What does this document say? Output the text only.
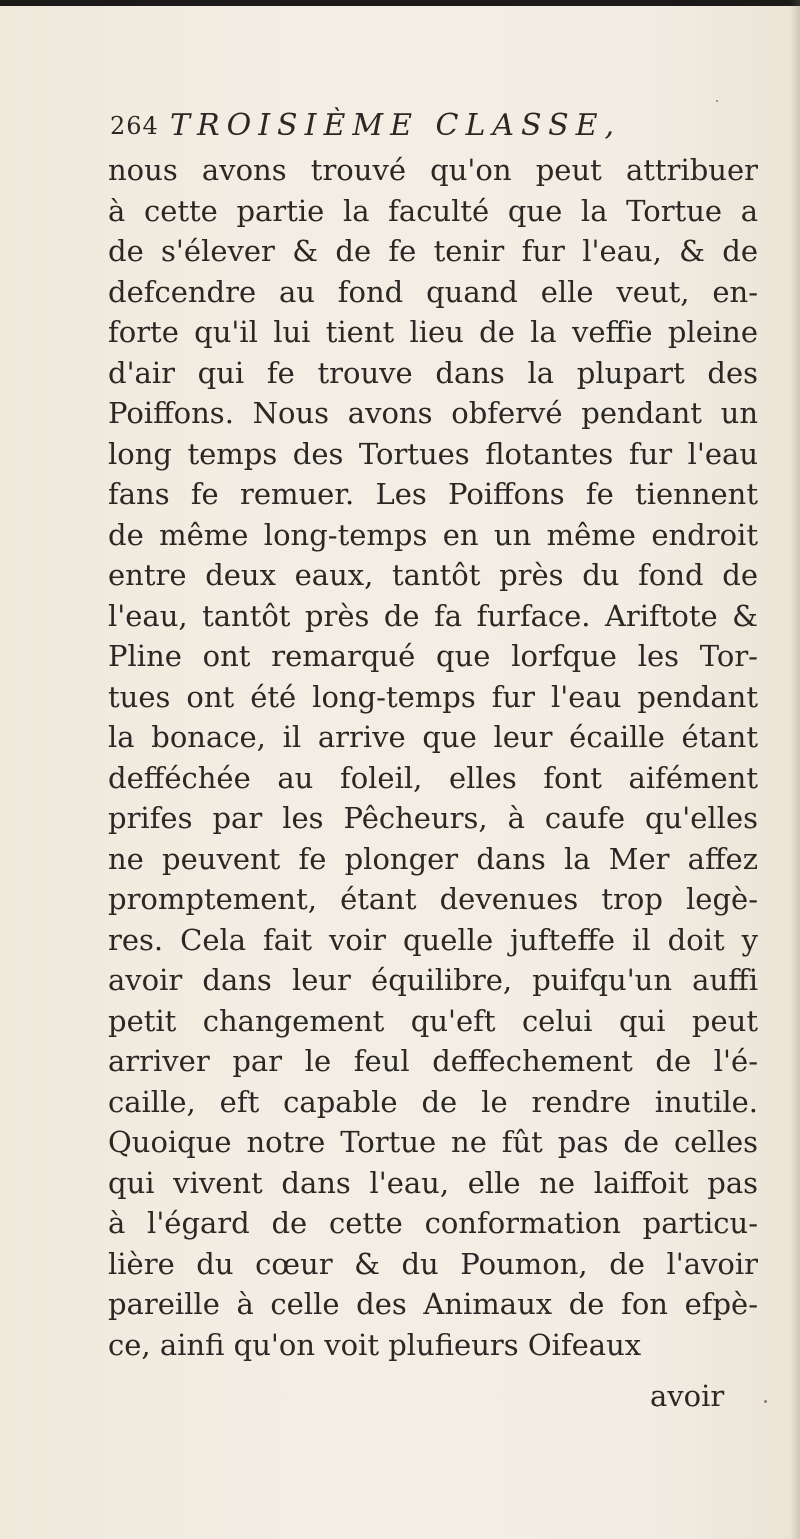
264 TROISIÈME CLASSE,
nous avons trouvé qu'on peut attribuer
à cette partie la faculté que la Tortue a
de s'élever & de fe tenir fur l'eau, & de
defcendre au fond quand elle veut, en-
forte qu'il lui tient lieu de la veffie pleine
d'air qui fe trouve dans la plupart des
Poiffons. Nous avons obfervé pendant un
long temps des Tortues flotantes fur l'eau
fans fe remuer. Les Poiffons fe tiennent
de même long-temps en un même endroit
entre deux eaux, tantôt près du fond de
l'eau, tantôt près de fa furface. Ariftote &
Pline ont remarqué que lorfque les Tor-
tues ont été long-temps fur l'eau pendant
la bonace, il arrive que leur écaille étant
defféchée au foleil, elles font aifément
prifes par les Pêcheurs, à caufe qu'elles
ne peuvent fe plonger dans la Mer affez
promptement, étant devenues trop legè-
res. Cela fait voir quelle jufteffe il doit y
avoir dans leur équilibre, puifqu'un auffi
petit changement qu'eft celui qui peut
arriver par le feul deffechement de l'é-
caille, eft capable de le rendre inutile.
Quoique notre Tortue ne fût pas de celles
qui vivent dans l'eau, elle ne laiffoit pas
à l'égard de cette conformation particu-
lière du cœur & du Poumon, de l'avoir
pareille à celle des Animaux de fon efpè-
ce, ainfi qu'on voit plufieurs Oifeaux
avoir
